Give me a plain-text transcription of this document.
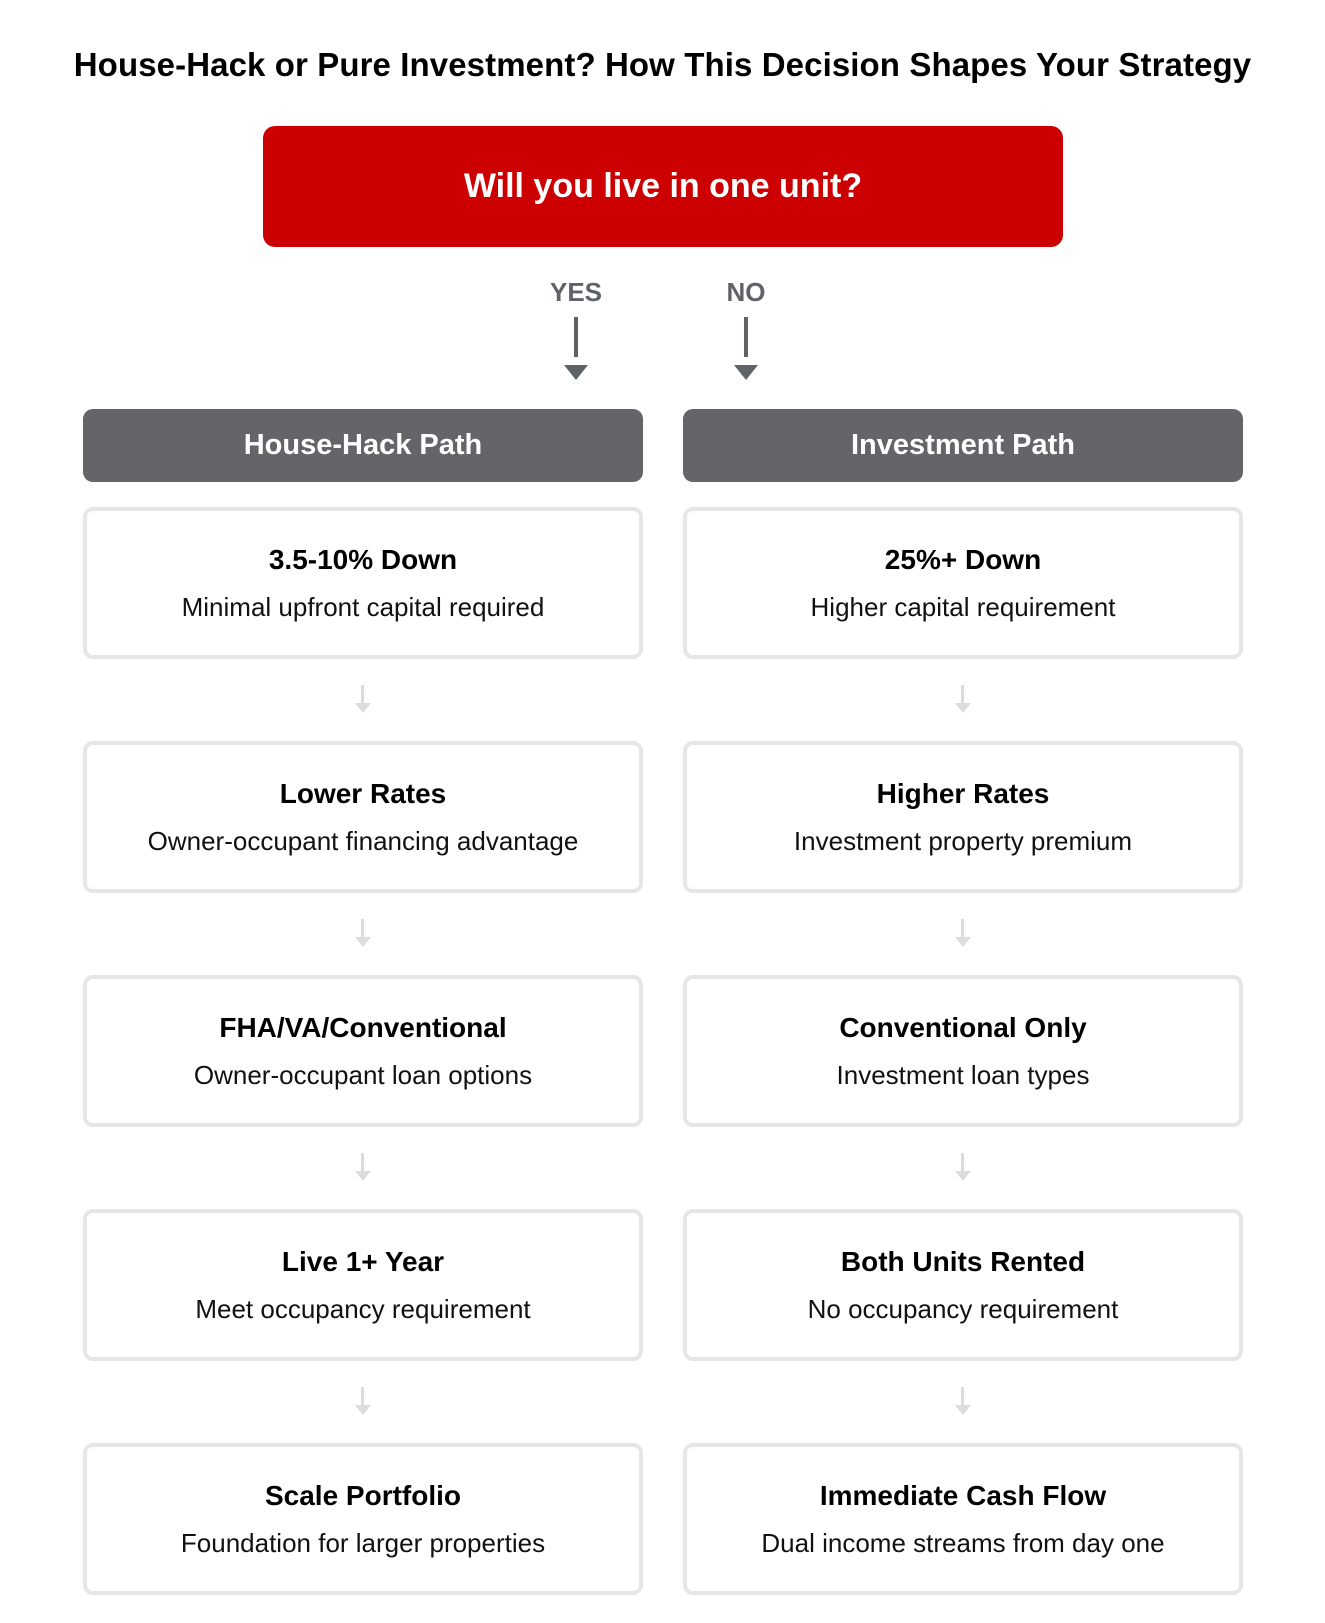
House-Hack or Pure Investment? How This Decision Shapes Your Strategy
Will you live in one unit?
YES	NO
House-Hack Path
3.5-10% Down
Minimal upfront capital required
Lower Rates
Owner-occupant financing advantage
FHA/VA/Conventional
Owner-occupant loan options
Live 1+ Year
Meet occupancy requirement
Scale Portfolio
Foundation for larger properties
Investment Path
25%+ Down
Higher capital requirement
Higher Rates
Investment property premium
Conventional Only
Investment loan types
Both Units Rented
No occupancy requirement
Immediate Cash Flow
Dual income streams from day one
